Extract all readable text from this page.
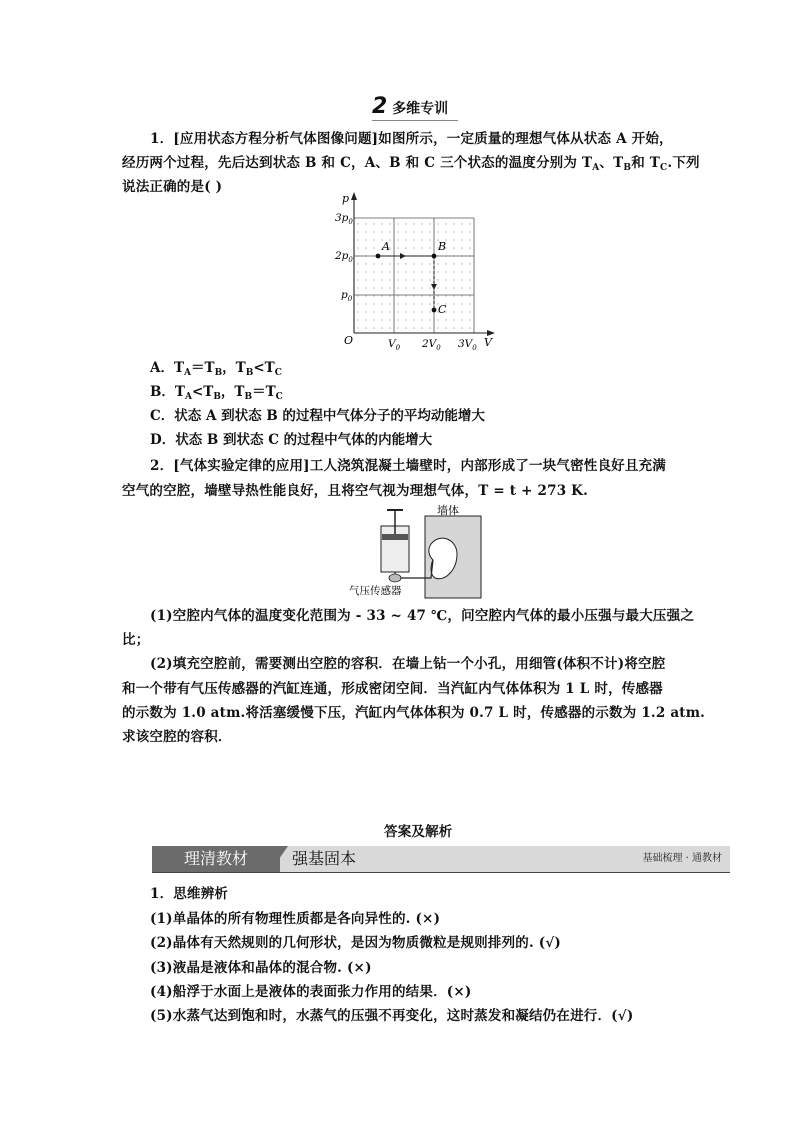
2 多维专训
1．[应用状态方程分析气体图像问题]如图所示，一定质量的理想气体从状态 A 开始，
经历两个过程，先后达到状态 B 和 C，A、B 和 C 三个状态的温度分别为 $T_A$、$T_B$和 $T_C$.下列
说法正确的是( )
A	B
C
p
V
O
$3p_0$
$2p_0$
$p_0$
$V_0$ $2V_0$ $3V_0$
A．$T_A=T_B$，$T_B<T_C$
B．$T_A<T_B$，$T_B=T_C$
C．状态 A 到状态 B 的过程中气体分子的平均动能增大
D．状态 B 到状态 C 的过程中气体的内能增大
2．[气体实验定律的应用]工人浇筑混凝土墙壁时，内部形成了一块气密性良好且充满
空气的空腔，墙壁导热性能良好，且将空气视为理想气体，T = t + 273 K.
墙体
气压传感器
(1)空腔内气体的温度变化范围为 - 33 ~ 47 ℃，问空腔内气体的最小压强与最大压强之
比；
(2)填充空腔前，需要测出空腔的容积．在墙上钻一个小孔，用细管(体积不计)将空腔
和一个带有气压传感器的汽缸连通，形成密闭空间．当汽缸内气体体积为 1 L 时，传感器
的示数为 1.0 atm.将活塞缓慢下压，汽缸内气体体积为 0.7 L 时，传感器的示数为 1.2 atm.
求该空腔的容积．
答案及解析
理清教材	强基固本	基础梳理 · 通教材
1．思维辨析
(1)单晶体的所有物理性质都是各向异性的. (×)
(2)晶体有天然规则的几何形状，是因为物质微粒是规则排列的. (√)
(3)液晶是液体和晶体的混合物. (×)
(4)船浮于水面上是液体的表面张力作用的结果．(×)
(5)水蒸气达到饱和时，水蒸气的压强不再变化，这时蒸发和凝结仍在进行．(√)
